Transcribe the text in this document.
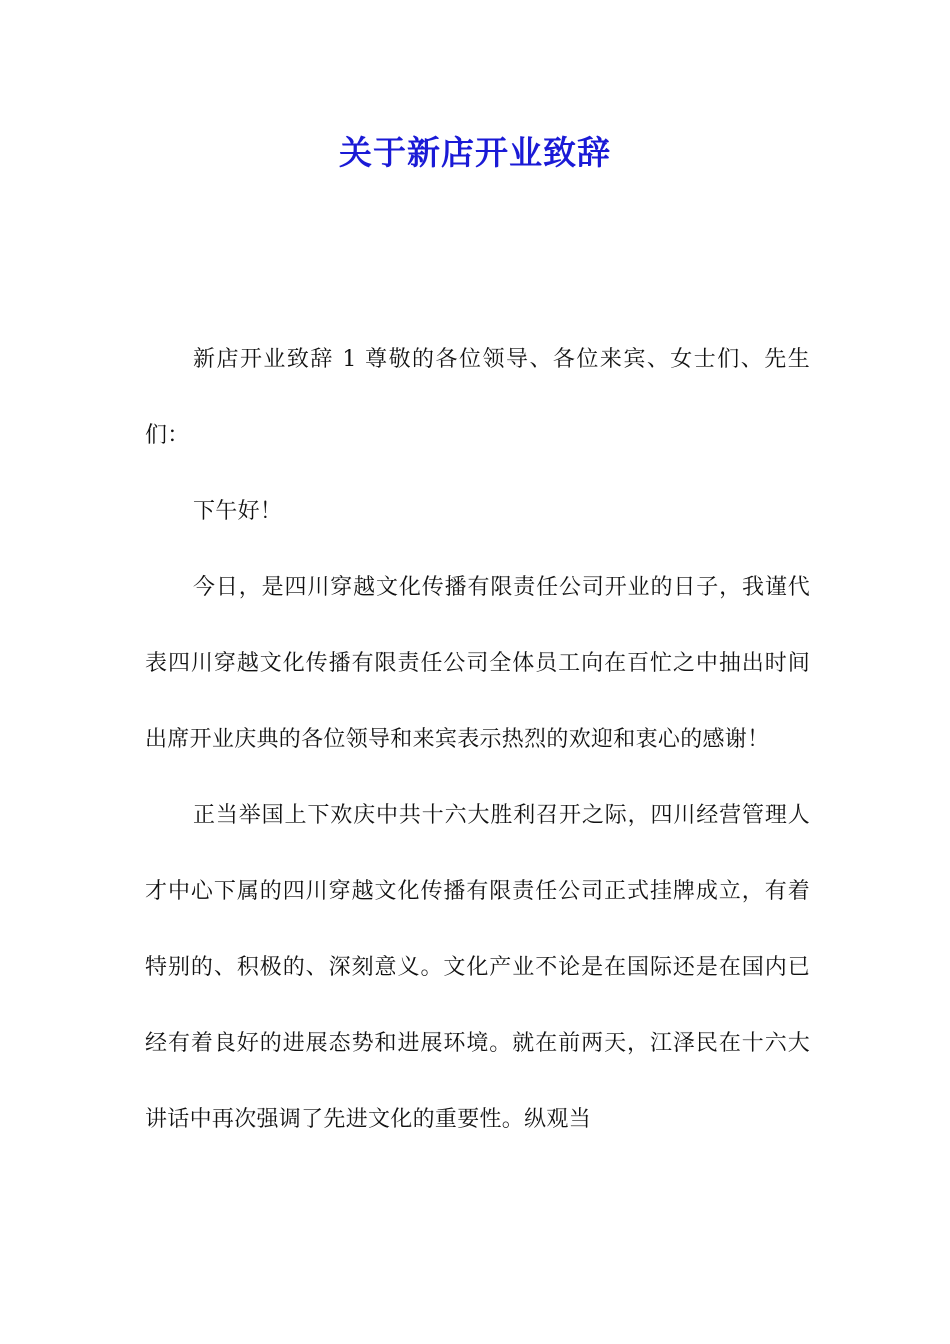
关于新店开业致辞

新店开业致辞 1 尊敬的各位领导、各位来宾、女士们、先生们：

下午好！

今日，是四川穿越文化传播有限责任公司开业的日子，我谨代表四川穿越文化传播有限责任公司全体员工向在百忙之中抽出时间出席开业庆典的各位领导和来宾表示热烈的欢迎和衷心的感谢！

正当举国上下欢庆中共十六大胜利召开之际，四川经营管理人才中心下属的四川穿越文化传播有限责任公司正式挂牌成立，有着特别的、积极的、深刻意义。文化产业不论是在国际还是在国内已经有着良好的进展态势和进展环境。就在前两天，江泽民在十六大讲话中再次强调了先进文化的重要性。纵观当
